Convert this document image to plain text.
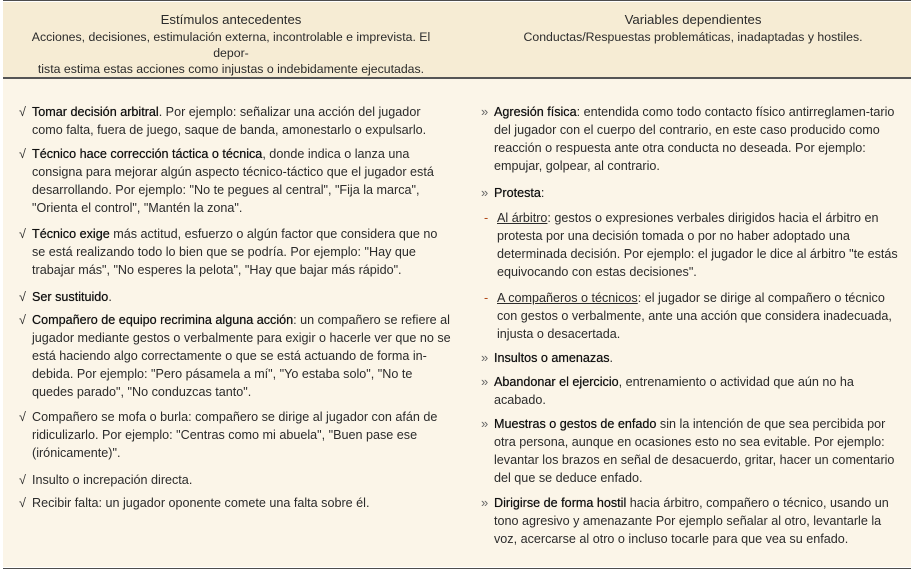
Estímulos antecedentes
Acciones, decisiones, estimulación externa, incontrolable e imprevista. El depor-
tista estima estas acciones como injustas o indebidamente ejecutadas.
Variables dependientes
Conductas/Respuestas problemáticas, inadaptadas y hostiles.
√ Tomar decisión arbitral. Por ejemplo: señalizar una acción del jugador como falta, fuera de juego, saque de banda, amonestarlo o expulsarlo.
√ Técnico hace corrección táctica o técnica, donde indica o lanza una consigna para mejorar algún aspecto técnico-táctico que el jugador está desarrollando. Por ejemplo: "No te pegues al central", "Fija la marca", "Orienta el control", "Mantén la zona".
√ Técnico exige más actitud, esfuerzo o algún factor que considera que no se está realizando todo lo bien que se podría. Por ejemplo: "Hay que trabajar más", "No esperes la pelota", "Hay que bajar más rápido".
√ Ser sustituido.
√ Compañero de equipo recrimina alguna acción: un compañero se refiere al jugador mediante gestos o verbalmente para exigir o hacerle ver que no se está haciendo algo correctamente o que se está actuando de forma in-debida. Por ejemplo: "Pero pásamela a mí", "Yo estaba solo", "No te quedes parado", "No conduzcas tanto".
√ Compañero se mofa o burla: compañero se dirige al jugador con afán de ridiculizarlo. Por ejemplo: "Centras como mi abuela", "Buen pase ese (irónicamente)".
√ Insulto o increpación directa.
√ Recibir falta: un jugador oponente comete una falta sobre él.
» Agresión física: entendida como todo contacto físico antirreglamen-tario del jugador con el cuerpo del contrario, en este caso producido como reacción o respuesta ante otra conducta no deseada. Por ejemplo: empujar, golpear, al contrario.
» Protesta:
- Al árbitro: gestos o expresiones verbales dirigidos hacia el árbitro en protesta por una decisión tomada o por no haber adoptado una determinada decisión. Por ejemplo: el jugador le dice al árbitro "te estás equivocando con estas decisiones".
- A compañeros o técnicos: el jugador se dirige al compañero o técnico con gestos o verbalmente, ante una acción que considera inadecuada, injusta o desacertada.
» Insultos o amenazas.
» Abandonar el ejercicio, entrenamiento o actividad que aún no ha acabado.
» Muestras o gestos de enfado sin la intención de que sea percibida por otra persona, aunque en ocasiones esto no sea evitable. Por ejemplo: levantar los brazos en señal de desacuerdo, gritar, hacer un comentario del que se deduce enfado.
» Dirigirse de forma hostil hacia árbitro, compañero o técnico, usando un tono agresivo y amenazante Por ejemplo señalar al otro, levantarle la voz, acercarse al otro o incluso tocarle para que vea su enfado.
